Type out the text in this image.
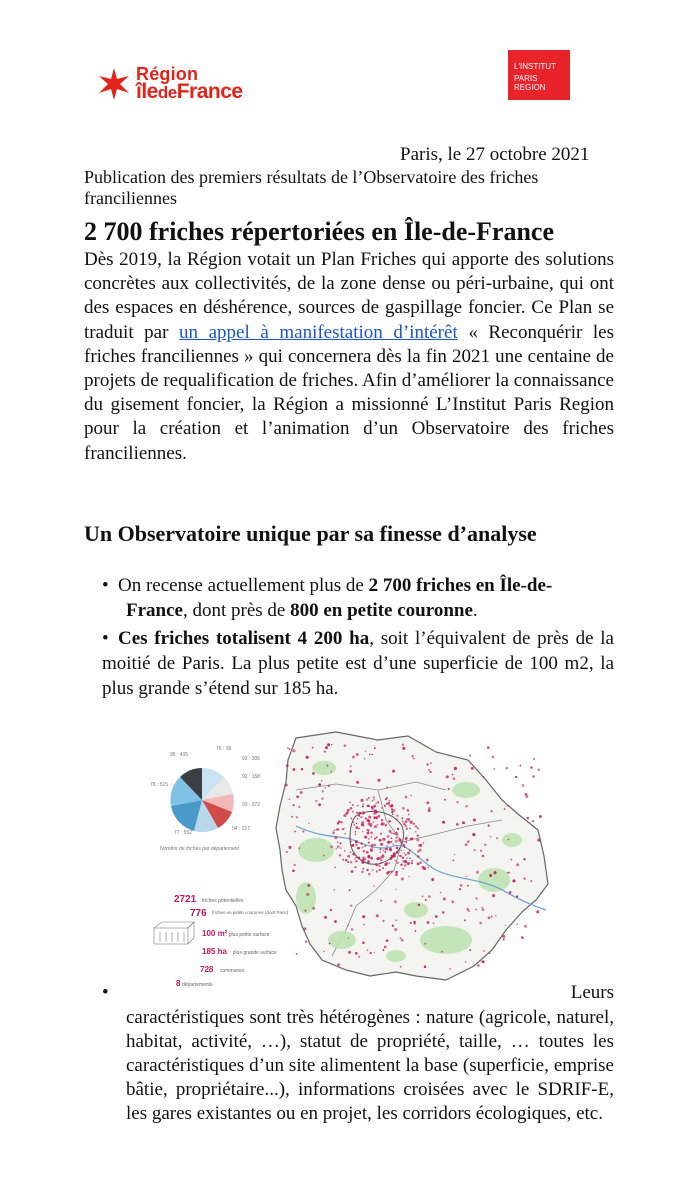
Région
îledeFrance
L'INSTITUT
PARIS
REGION
Paris, le 27 octobre 2021
Publication des premiers résultats de l’Observatoire des friches franciliennes
2 700 friches répertoriées en Île-de-France
Dès 2019, la Région votait un Plan Friches qui apporte des solutions concrètes aux collectivités, de la zone dense ou péri-urbaine, qui ont des espaces en déshérence, sources de gaspillage foncier. Ce Plan se traduit par un appel à manifestation d’intérêt « Reconquérir les friches franciliennes » qui concernera dès la fin 2021 une centaine de projets de requalification de friches. Afin d’améliorer la connaissance du gisement foncier, la Région a missionné L’Institut Paris Region pour la création et l’animation d’un Observatoire des friches franciliennes.
Un Observatoire unique par sa finesse d’analyse
• On recense actuellement plus de 2 700 friches en Île-de-
France, dont près de 800 en petite couronne.
• Ces friches totalisent 4 200 ha, soit l’équivalent de près de la moitié de Paris. La plus petite est d’une superficie de 100 m2, la plus grande s’étend sur 185 ha.
95 : 405
75 : 36
93 : 306
92 : 158
93 : 372
94 : 217
77 : 552
78 : 515
Nombre de friches par département
2721 friches potentielles
776 friches en petite couronne (dont Paris)
100 m²
: plus petite surface
185 ha : plus grande surface
728 communes
8 départements
•	Leurs
caractéristiques sont très hétérogènes : nature (agricole, naturel, habitat, activité, …), statut de propriété, taille, … toutes les caractéristiques d’un site alimentent la base (superficie, emprise bâtie, propriétaire...), informations croisées avec le SDRIF-E, les gares existantes ou en projet, les corridors écologiques, etc.
